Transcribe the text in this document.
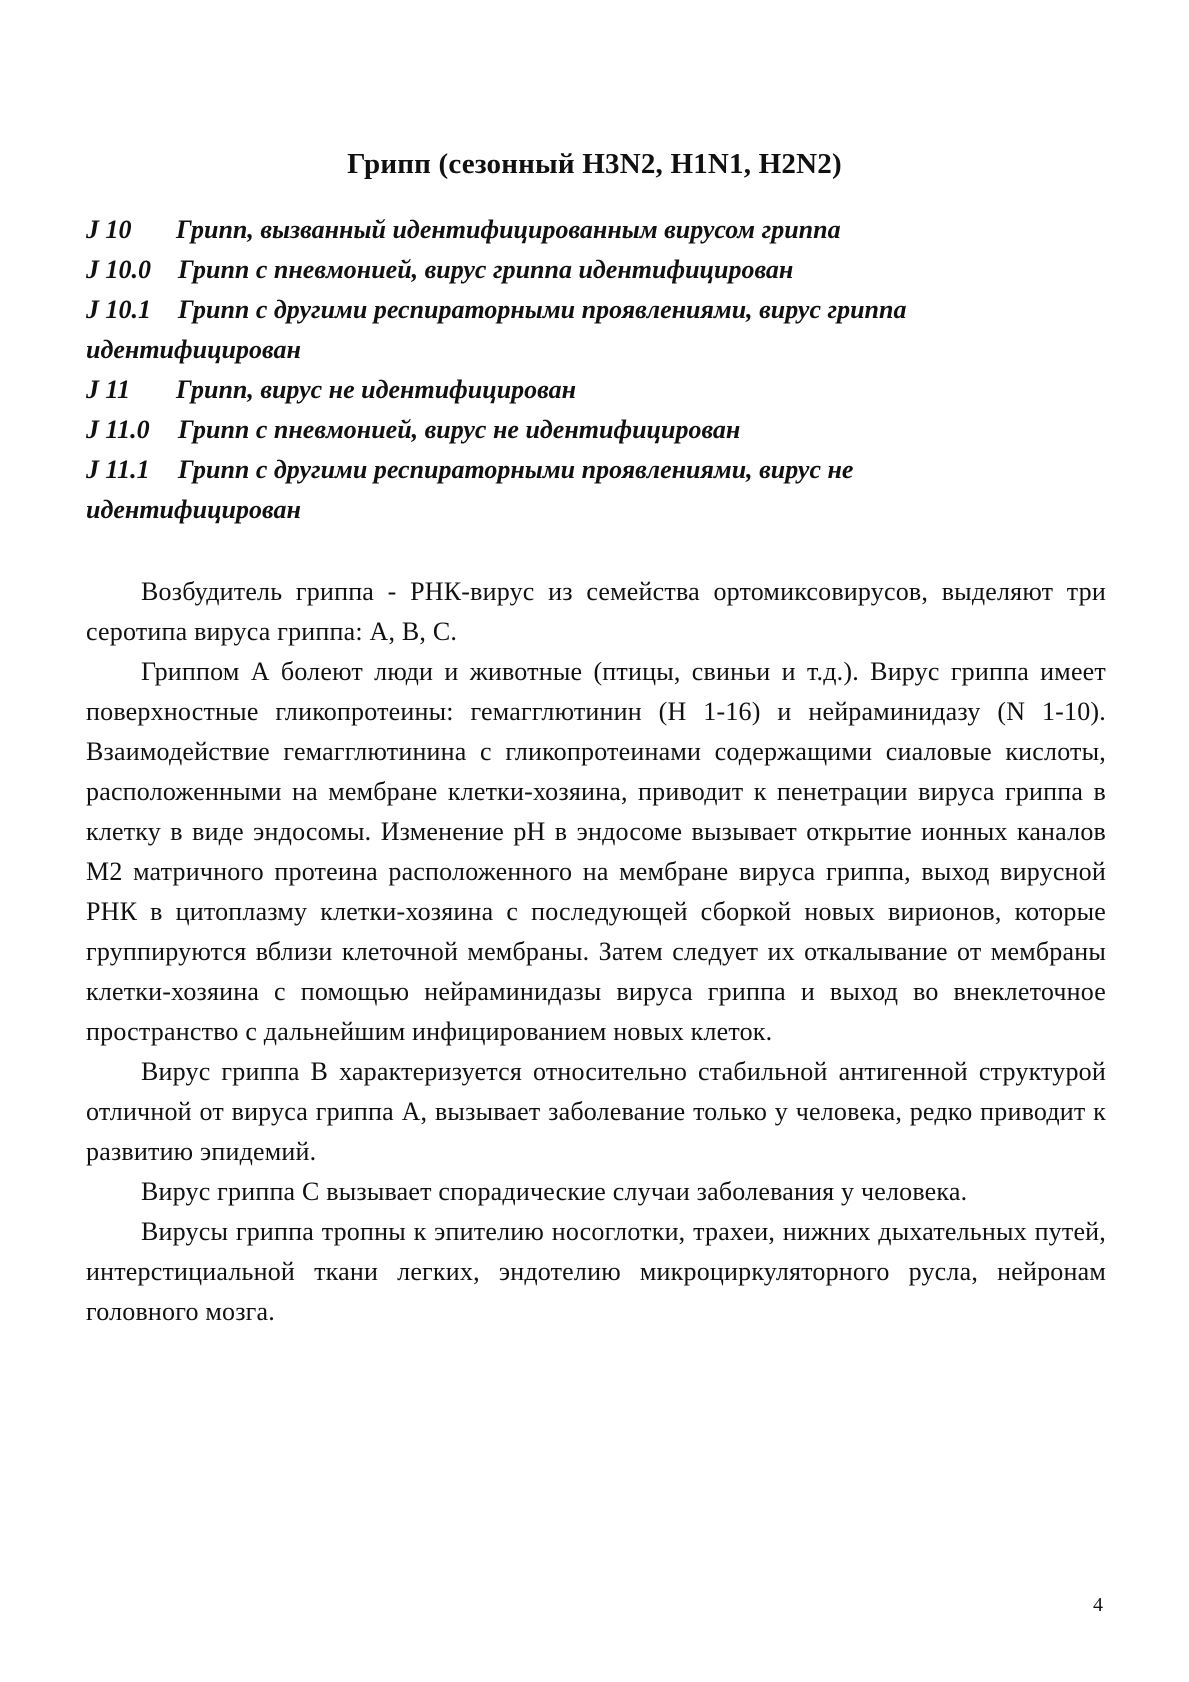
Грипп (сезонный H3N2, H1N1, H2N2)
J 10	Грипп, вызванный идентифицированным вирусом гриппа
J 10.0	Грипп с пневмонией, вирус гриппа идентифицирован
J 10.1	Грипп с другими респираторными проявлениями, вирус гриппа
идентифицирован
J 11	Грипп, вирус не идентифицирован
J 11.0	Грипп с пневмонией, вирус не идентифицирован
J 11.1	Грипп с другими респираторными проявлениями, вирус не
идентифицирован

Возбудитель гриппа - РНК-вирус из семейства ортомиксовирусов, выделяют три серотипа вируса гриппа: А, В, С.

Гриппом А болеют люди и животные (птицы, свиньи и т.д.). Вирус гриппа имеет поверхностные гликопротеины: гемагглютинин (H 1-16) и нейраминидазу (N 1-10). Взаимодействие гемагглютинина с гликопротеинами содержащими сиаловые кислоты, расположенными на мембране клетки-хозяина, приводит к пенетрации вируса гриппа в клетку в виде эндосомы. Изменение pH в эндосоме вызывает открытие ионных каналов М2 матричного протеина расположенного на мембране вируса гриппа, выход вирусной РНК в цитоплазму клетки-хозяина с последующей сборкой новых вирионов, которые группируются вблизи клеточной мембраны. Затем следует их откалывание от мембраны клетки-хозяина с помощью нейраминидазы вируса гриппа и выход во внеклеточное пространство с дальнейшим инфицированием новых клеток.

Вирус гриппа В характеризуется относительно стабильной антигенной структурой отличной от вируса гриппа А, вызывает заболевание только у человека, редко приводит к развитию эпидемий.

Вирус гриппа С вызывает спорадические случаи заболевания у человека.

Вирусы гриппа тропны к эпителию носоглотки, трахеи, нижних дыхательных путей, интерстициальной ткани легких, эндотелию микроциркуляторного русла, нейронам головного мозга.

4
